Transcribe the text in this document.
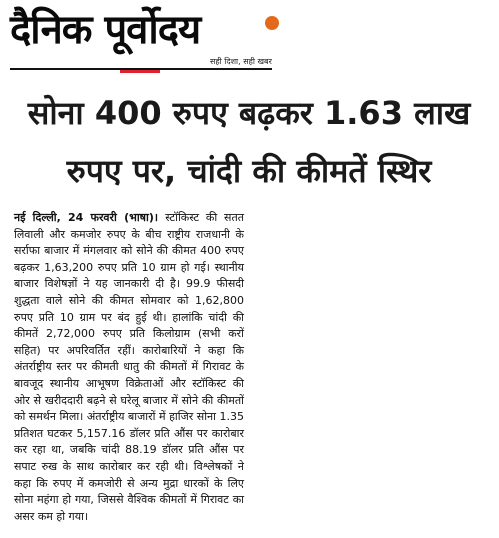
दैनिक पूर्वोदय
सही दिशा, सही खबर
सोना 400 रुपए बढ़कर 1.63 लाख रुपए पर, चांदी की कीमतें स्थिर
नई दिल्ली, 24 फरवरी (भाषा)। स्टॉकिस्ट की सतत लिवाली और कमजोर रुपए के बीच राष्ट्रीय राजधानी के सर्राफा बाजार में मंगलवार को सोने की कीमत 400 रुपए बढ़कर 1,63,200 रुपए प्रति 10 ग्राम हो गई। स्थानीय बाजार विशेषज्ञों ने यह जानकारी दी है। 99.9 फीसदी शुद्धता वाले सोने की कीमत सोमवार को 1,62,800 रुपए प्रति 10 ग्राम पर बंद हुई थी। हालांकि चांदी की कीमतें 2,72,000 रुपए प्रति किलोग्राम (सभी करों सहित) पर अपरिवर्तित रहीं। कारोबारियों ने कहा कि अंतर्राष्ट्रीय स्तर पर कीमती धातु की कीमतों में गिरावट के बावजूद स्थानीय आभूषण विक्रेताओं और स्टॉकिस्ट की ओर से खरीददारी बढ़ने से घरेलू बाजार में सोने की कीमतों को समर्थन मिला। अंतर्राष्ट्रीय बाजारों में हाजिर सोना 1.35 प्रतिशत घटकर 5,157.16 डॉलर प्रति औंस पर कारोबार कर रहा था, जबकि चांदी 88.19 डॉलर प्रति औंस पर सपाट रुख के साथ कारोबार कर रही थी। विश्लेषकों ने कहा कि रुपए में कमजोरी से अन्य मुद्रा धारकों के लिए सोना महंगा हो गया, जिससे वैश्विक कीमतों में गिरावट का असर कम हो गया।
